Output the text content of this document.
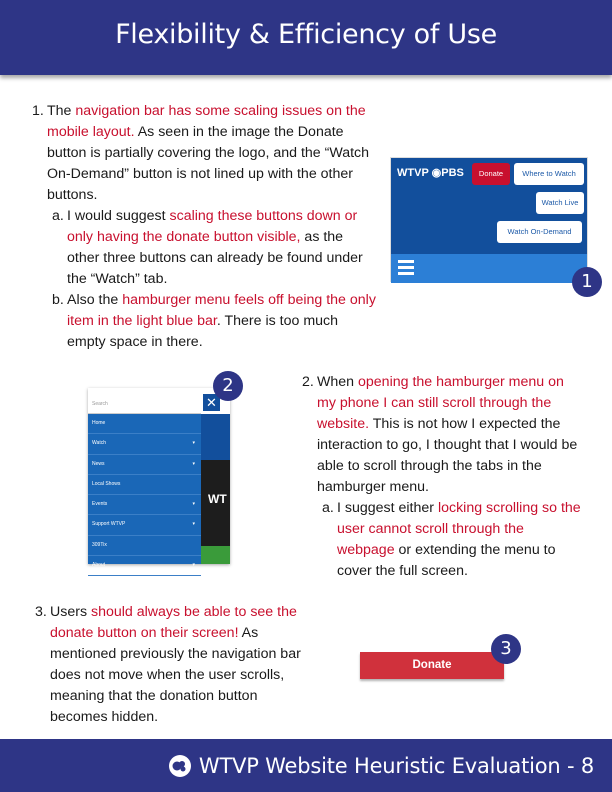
Flexibility & Efficiency of Use
1. The navigation bar has some scaling issues on the
mobile layout. As seen in the image the Donate
button is partially covering the logo, and the “Watch
On-Demand” button is not lined up with the other
buttons.
a. I would suggest scaling these buttons down or
only having the donate button visible, as the
other three buttons can already be found under
the “Watch” tab.
b. Also the hamburger menu feels off being the only
item in the light blue bar. There is too much
empty space in there.
2. When opening the hamburger menu on
my phone I can still scroll through the
website. This is not how I expected the
interaction to go, I thought that I would be
able to scroll through the tabs in the
hamburger menu.
a. I suggest either locking scrolling so the
user cannot scroll through the
webpage or extending the menu to
cover the full screen.
3. Users should always be able to see the
donate button on their screen! As
mentioned previously the navigation bar
does not move when the user scrolls,
meaning that the donation button
becomes hidden.
WTVP ◉PBS	Donate	Where to Watch
Watch Live
Watch On-Demand
1
WT
Search	✕
Home
Watch	▾
News	▾
Local Shows
Events	▾
Support WTVP	▾
309Tix
About	▾
2
Donate
3
WTVP Website Heuristic Evaluation - 8
